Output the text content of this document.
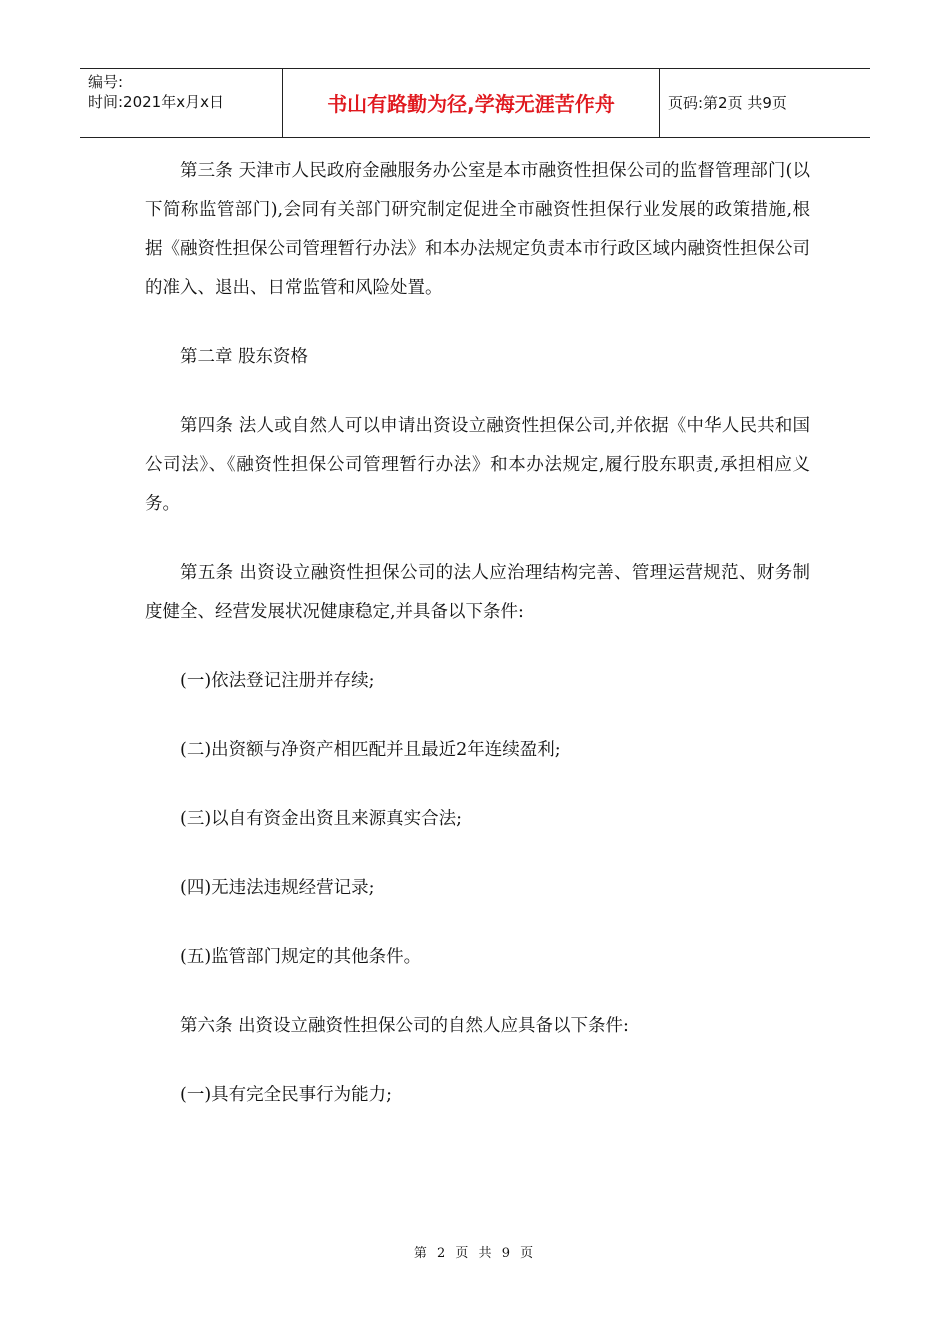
编号:
时间:2021年x月x日	书山有路勤为径,学海无涯苦作舟	页码:第2页 共9页

第三条 天津市人民政府金融服务办公室是本市融资性担保公司的监督管理部门(以下简称监管部门),会同有关部门研究制定促进全市融资性担保行业发展的政策措施,根据《融资性担保公司管理暂行办法》和本办法规定负责本市行政区域内融资性担保公司的准入、退出、日常监管和风险处置。

第二章 股东资格

第四条 法人或自然人可以申请出资设立融资性担保公司,并依据《中华人民共和国公司法》、《融资性担保公司管理暂行办法》和本办法规定,履行股东职责,承担相应义务。

第五条 出资设立融资性担保公司的法人应治理结构完善、管理运营规范、财务制度健全、经营发展状况健康稳定,并具备以下条件:

(一)依法登记注册并存续;

(二)出资额与净资产相匹配并且最近2年连续盈利;

(三)以自有资金出资且来源真实合法;

(四)无违法违规经营记录;

(五)监管部门规定的其他条件。

第六条 出资设立融资性担保公司的自然人应具备以下条件:

(一)具有完全民事行为能力;

第 2 页 共 9 页
